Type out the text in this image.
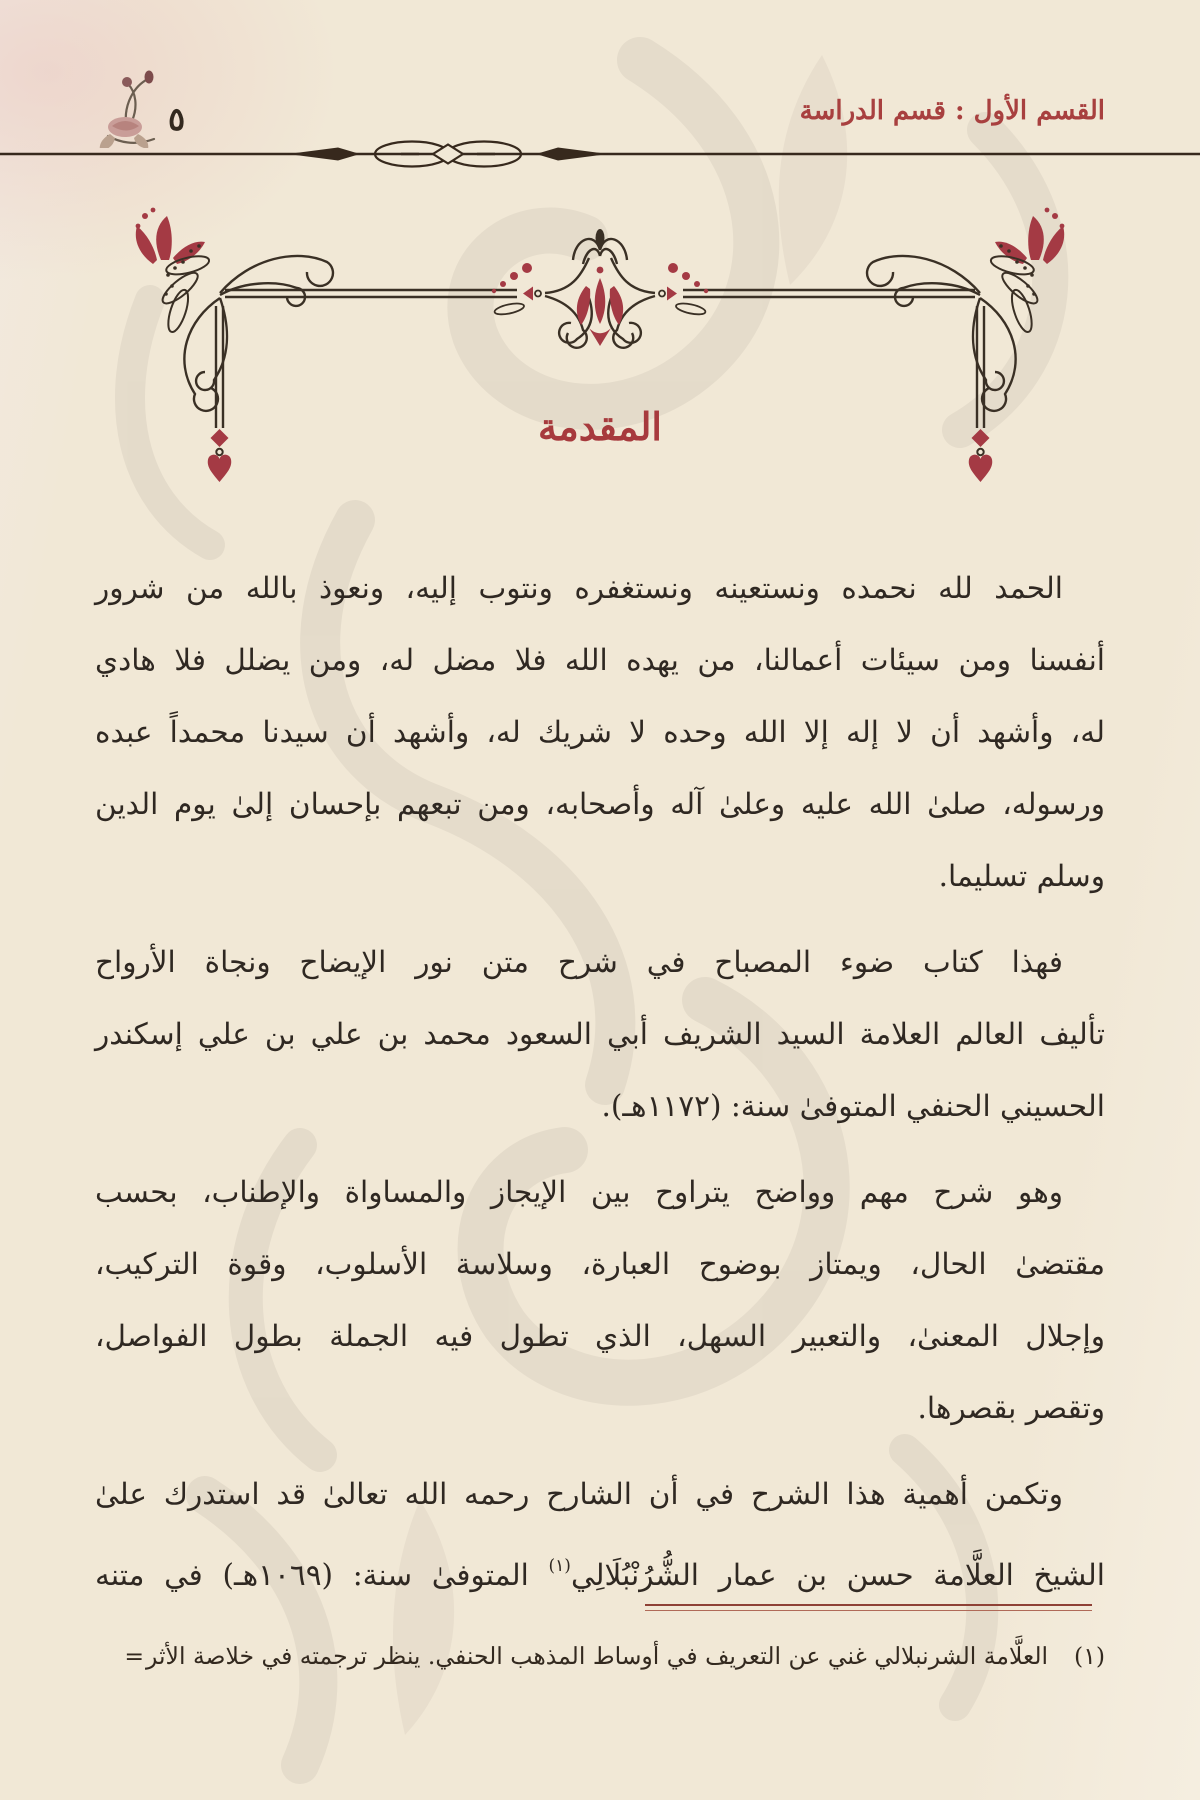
القسم الأول : قسم الدراسة
٥
المقدمة
الحمد لله نحمده ونستعينه ونستغفره ونتوب إليه، ونعوذ بالله من شرور
أنفسنا ومن سيئات أعمالنا، من يهده الله فلا مضل له، ومن يضلل فلا هادي
له، وأشهد أن لا إله إلا الله وحده لا شريك له، وأشهد أن سيدنا محمداً عبده
ورسوله، صلىٰ الله عليه وعلىٰ آله وأصحابه، ومن تبعهم بإحسان إلىٰ يوم الدين
وسلم تسليما.
فهذا كتاب ضوء المصباح في شرح متن نور الإيضاح ونجاة الأرواح
تأليف العالم العلامة السيد الشريف أبي السعود محمد بن علي بن علي إسكندر
الحسيني الحنفي المتوفىٰ سنة: (١١٧٢هـ).
وهو شرح مهم وواضح يتراوح بين الإيجاز والمساواة والإطناب، بحسب
مقتضىٰ الحال، ويمتاز بوضوح العبارة، وسلاسة الأسلوب، وقوة التركيب،
وإجلال المعنىٰ، والتعبير السهل، الذي تطول فيه الجملة بطول الفواصل،
وتقصر بقصرها.
وتكمن أهمية هذا الشرح في أن الشارح رحمه الله تعالىٰ قد استدرك علىٰ
الشيخ العلَّامة حسن بن عمار الشُّرُنْبُلَالِي$^{(١)}$ المتوفىٰ سنة: (١٠٦٩هـ) في متنه
(١)العلَّامة الشرنبلالي غني عن التعريف في أوساط المذهب الحنفي. ينظر ترجمته في خلاصة الأثر=
